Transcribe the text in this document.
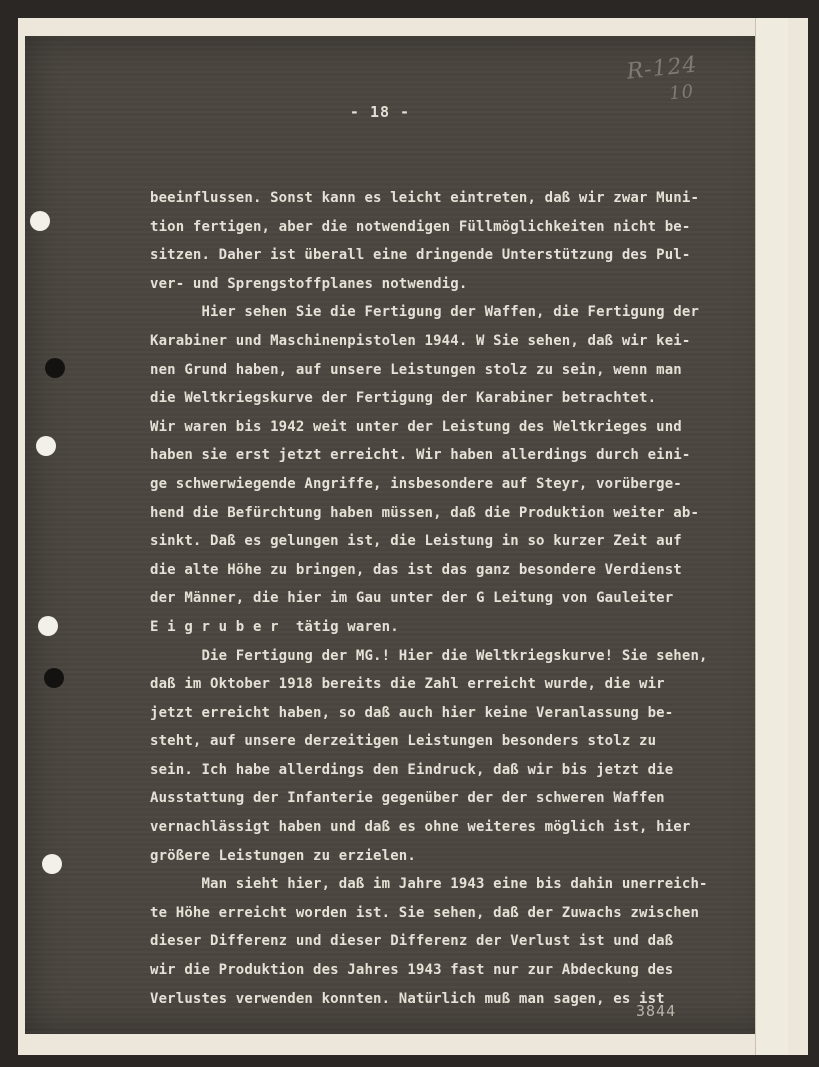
R-124
10
- 18 -
beeinflussen. Sonst kann es leicht eintreten, daß wir zwar Muni-
tion fertigen, aber die notwendigen Füllmöglichkeiten nicht be-
sitzen. Daher ist überall eine dringende Unterstützung des Pul-
ver- und Sprengstoffplanes notwendig.
Hier sehen Sie die Fertigung der Waffen, die Fertigung der
Karabiner und Maschinenpistolen 1944. W Sie sehen, daß wir kei-
nen Grund haben, auf unsere Leistungen stolz zu sein, wenn man
die Weltkriegskurve der Fertigung der Karabiner betrachtet.
Wir waren bis 1942 weit unter der Leistung des Weltkrieges und
haben sie erst jetzt erreicht. Wir haben allerdings durch eini-
ge schwerwiegende Angriffe, insbesondere auf Steyr, vorüberge-
hend die Befürchtung haben müssen, daß die Produktion weiter ab-
sinkt. Daß es gelungen ist, die Leistung in so kurzer Zeit auf
die alte Höhe zu bringen, das ist das ganz besondere Verdienst
der Männer, die hier im Gau unter der G Leitung von Gauleiter
E i g r u b e r  tätig waren.
Die Fertigung der MG.! Hier die Weltkriegskurve! Sie sehen,
daß im Oktober 1918 bereits die Zahl erreicht wurde, die wir
jetzt erreicht haben, so daß auch hier keine Veranlassung be-
steht, auf unsere derzeitigen Leistungen besonders stolz zu
sein. Ich habe allerdings den Eindruck, daß wir bis jetzt die
Ausstattung der Infanterie gegenüber der der schweren Waffen
vernachlässigt haben und daß es ohne weiteres möglich ist, hier
größere Leistungen zu erzielen.
Man sieht hier, daß im Jahre 1943 eine bis dahin unerreich-
te Höhe erreicht worden ist. Sie sehen, daß der Zuwachs zwischen
dieser Differenz und dieser Differenz der Verlust ist und daß
wir die Produktion des Jahres 1943 fast nur zur Abdeckung des
Verlustes verwenden konnten. Natürlich muß man sagen, es ist
3844
